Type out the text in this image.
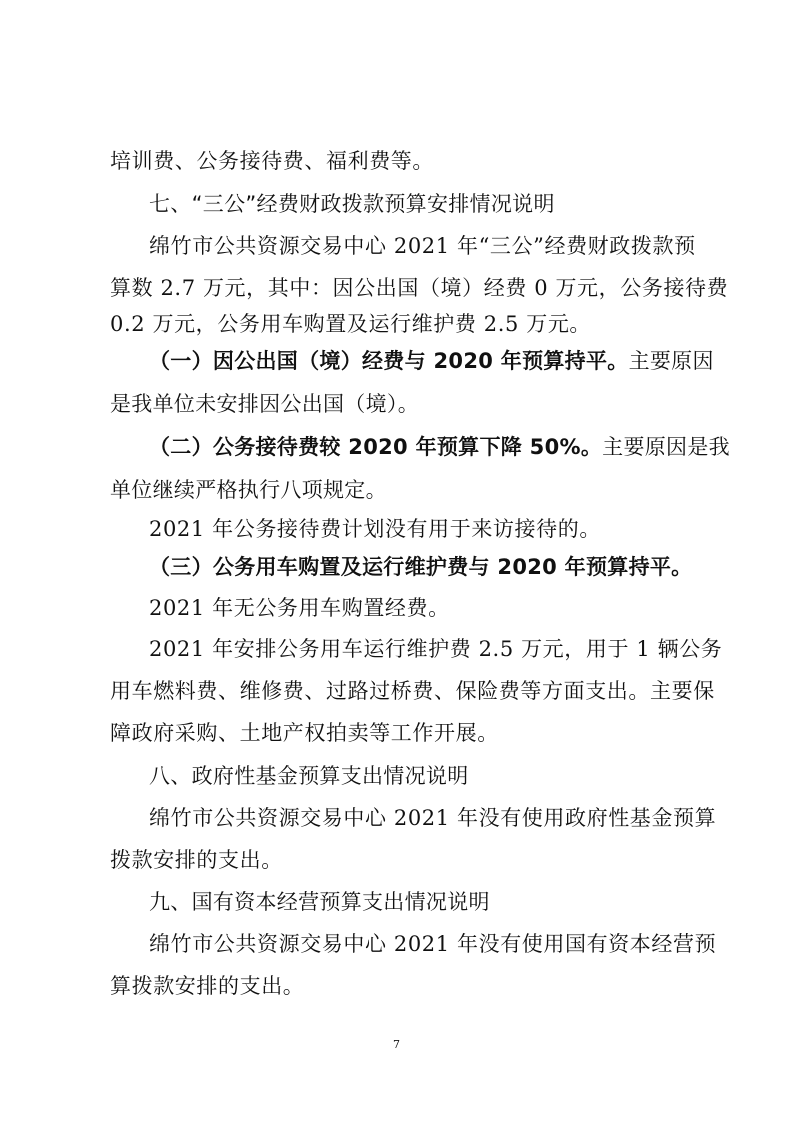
培训费、公务接待费、福利费等。
七、“三公”经费财政拨款预算安排情况说明
绵竹市公共资源交易中心 2021 年“三公”经费财政拨款预
算数 2.7 万元，其中：因公出国（境）经费 0 万元，公务接待费
0.2 万元，公务用车购置及运行维护费 2.5 万元。
（一）因公出国（境）经费与 2020 年预算持平。主要原因
是我单位未安排因公出国（境）。
（二）公务接待费较 2020 年预算下降 50%。主要原因是我
单位继续严格执行八项规定。
2021 年公务接待费计划没有用于来访接待的。
（三）公务用车购置及运行维护费与 2020 年预算持平。
2021 年无公务用车购置经费。
2021 年安排公务用车运行维护费 2.5 万元，用于 1 辆公务
用车燃料费、维修费、过路过桥费、保险费等方面支出。主要保
障政府采购、土地产权拍卖等工作开展。
八、政府性基金预算支出情况说明
绵竹市公共资源交易中心 2021 年没有使用政府性基金预算
拨款安排的支出。
九、国有资本经营预算支出情况说明
绵竹市公共资源交易中心 2021 年没有使用国有资本经营预
算拨款安排的支出。
7
